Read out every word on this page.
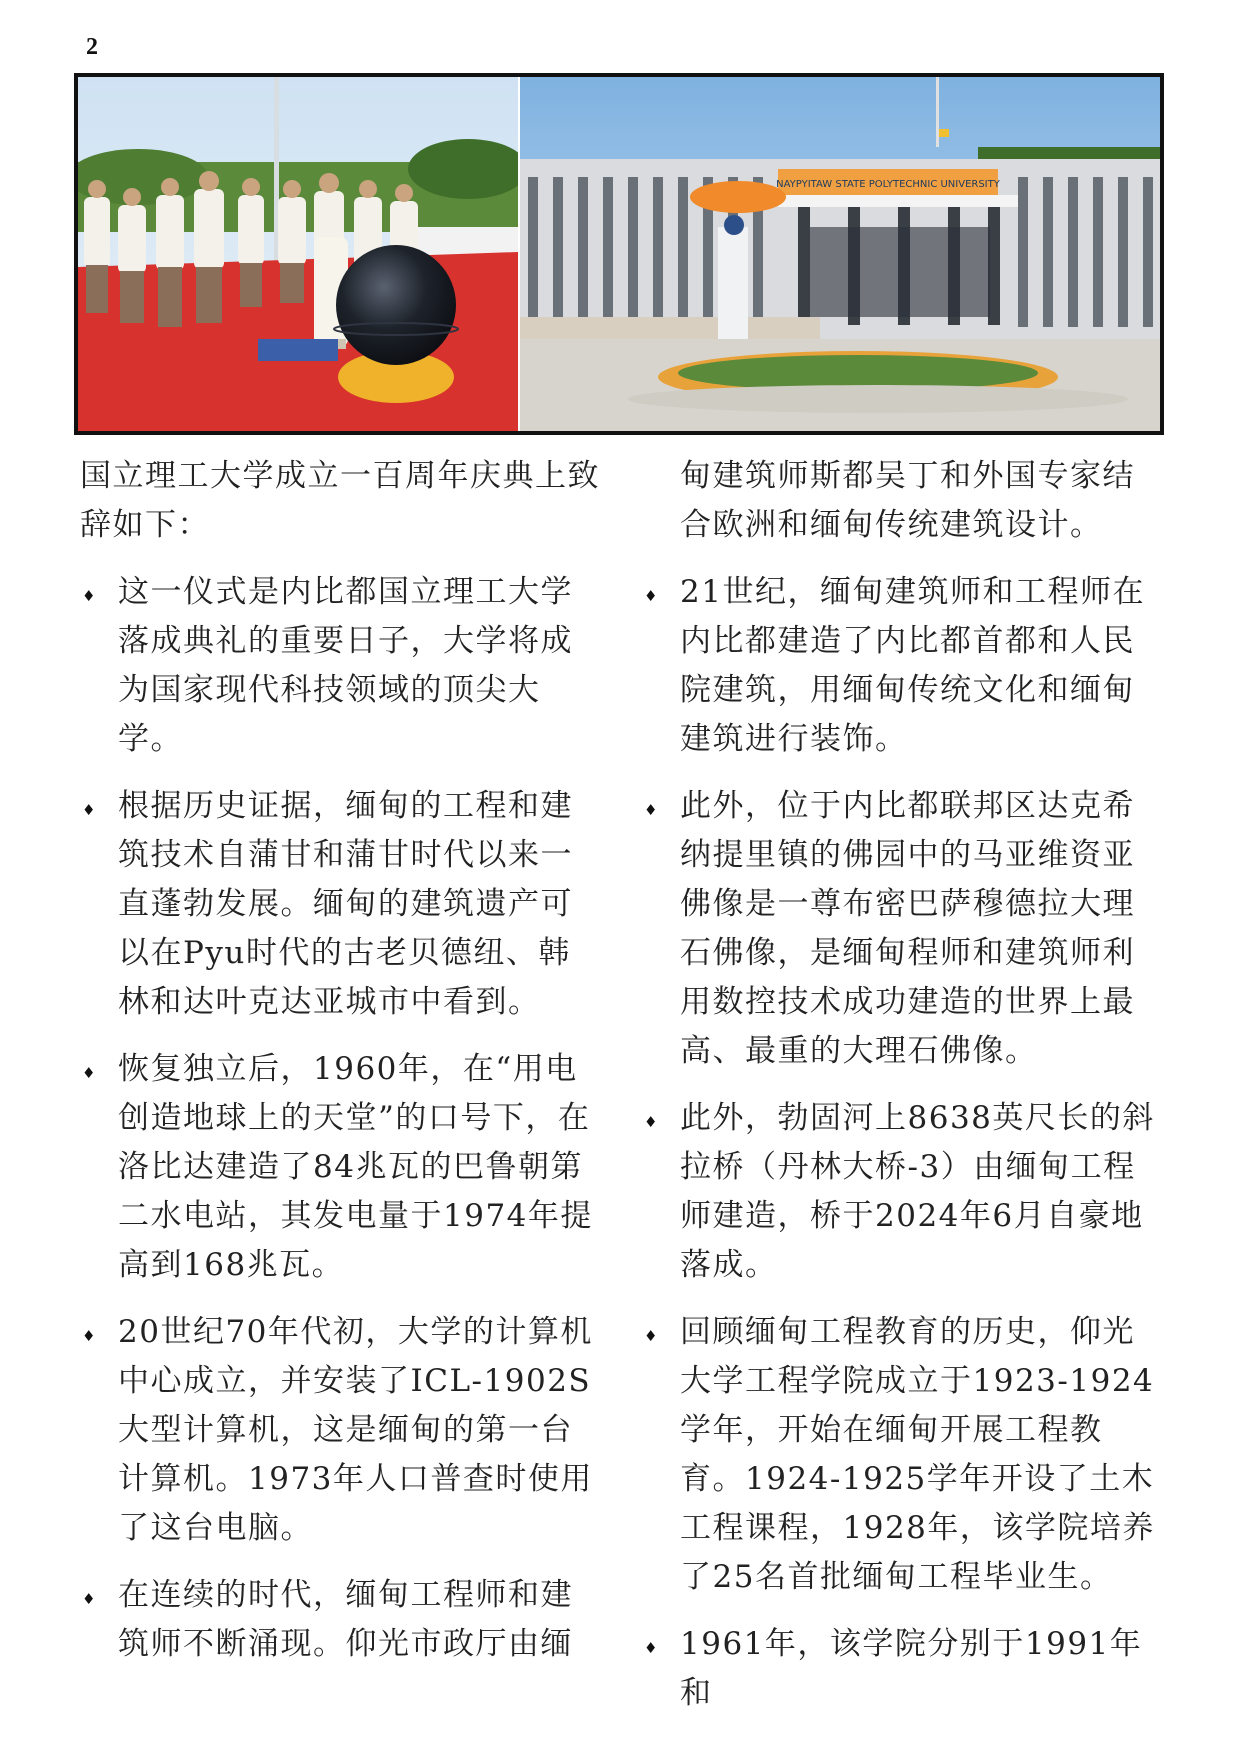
2
NAYPYITAW STATE POLYTECHNIC UNIVERSITY

国立理工大学成立一百周年庆典上致辞如下：

♦ 这一仪式是内比都国立理工大学落成典礼的重要日子，大学将成为国家现代科技领域的顶尖大学。

♦ 根据历史证据，缅甸的工程和建筑技术自蒲甘和蒲甘时代以来一直蓬勃发展。缅甸的建筑遗产可以在Pyu时代的古老贝德纽、韩林和达叶克达亚城市中看到。

♦ 恢复独立后，1960年，在“用电创造地球上的天堂”的口号下，在洛比达建造了84兆瓦的巴鲁朝第二水电站，其发电量于1974年提高到168兆瓦。

♦ 20世纪70年代初，大学的计算机中心成立，并安装了ICL-1902S大型计算机，这是缅甸的第一台计算机。1973年人口普查时使用了这台电脑。

♦ 在连续的时代，缅甸工程师和建筑师不断涌现。仰光市政厅由缅

甸建筑师斯都吴丁和外国专家结合欧洲和缅甸传统建筑设计。

♦ 21世纪，缅甸建筑师和工程师在内比都建造了内比都首都和人民院建筑，用缅甸传统文化和缅甸建筑进行装饰。

♦ 此外，位于内比都联邦区达克希纳提里镇的佛园中的马亚维资亚佛像是一尊布密巴萨穆德拉大理石佛像，是缅甸程师和建筑师利用数控技术成功建造的世界上最高、最重的大理石佛像。

♦ 此外，勃固河上8638英尺长的斜拉桥（丹林大桥-3）由缅甸工程师建造，桥于2024年6月自豪地落成。

♦ 回顾缅甸工程教育的历史，仰光大学工程学院成立于1923-1924学年，开始在缅甸开展工程教育。1924-1925学年开设了土木工程课程，1928年，该学院培养了25名首批缅甸工程毕业生。

♦ 1961年，该学院分别于1991年和
